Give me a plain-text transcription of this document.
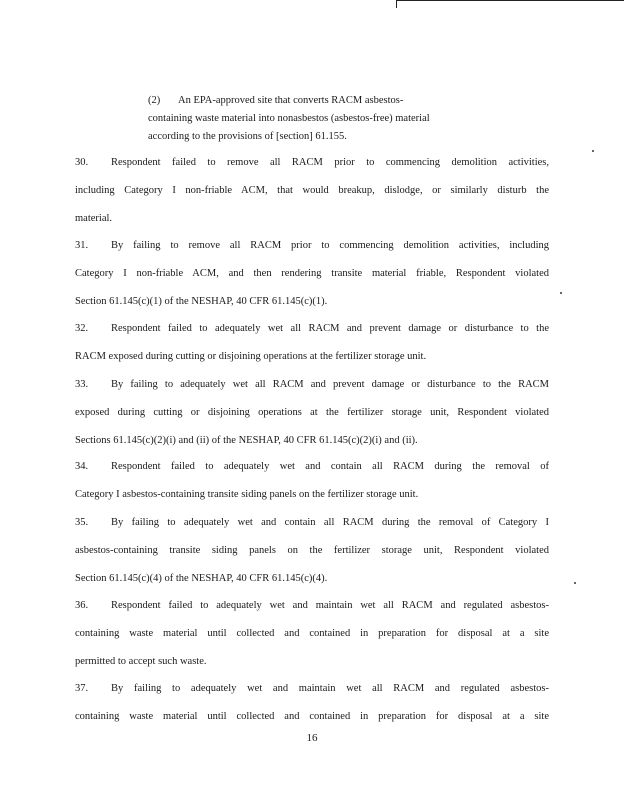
(2) An EPA-approved site that converts RACM asbestos-
containing waste material into nonasbestos (asbestos-free) material
according to the provisions of [section] 61.155.
30. Respondent failed to remove all RACM prior to commencing demolition activities,
including Category I non-friable ACM, that would breakup, dislodge, or similarly disturb the
material.
31. By failing to remove all RACM prior to commencing demolition activities, including
Category I non-friable ACM, and then rendering transite material friable, Respondent violated
Section 61.145(c)(1) of the NESHAP, 40 CFR 61.145(c)(1).
32. Respondent failed to adequately wet all RACM and prevent damage or disturbance to the
RACM exposed during cutting or disjoining operations at the fertilizer storage unit.
33. By failing to adequately wet all RACM and prevent damage or disturbance to the RACM
exposed during cutting or disjoining operations at the fertilizer storage unit, Respondent violated
Sections 61.145(c)(2)(i) and (ii) of the NESHAP, 40 CFR 61.145(c)(2)(i) and (ii).
34. Respondent failed to adequately wet and contain all RACM during the removal of
Category I asbestos-containing transite siding panels on the fertilizer storage unit.
35. By failing to adequately wet and contain all RACM during the removal of Category I
asbestos-containing transite siding panels on the fertilizer storage unit, Respondent violated
Section 61.145(c)(4) of the NESHAP, 40 CFR 61.145(c)(4).
36. Respondent failed to adequately wet and maintain wet all RACM and regulated asbestos-
containing waste material until collected and contained in preparation for disposal at a site
permitted to accept such waste.
37. By failing to adequately wet and maintain wet all RACM and regulated asbestos-
containing waste material until collected and contained in preparation for disposal at a site
16
